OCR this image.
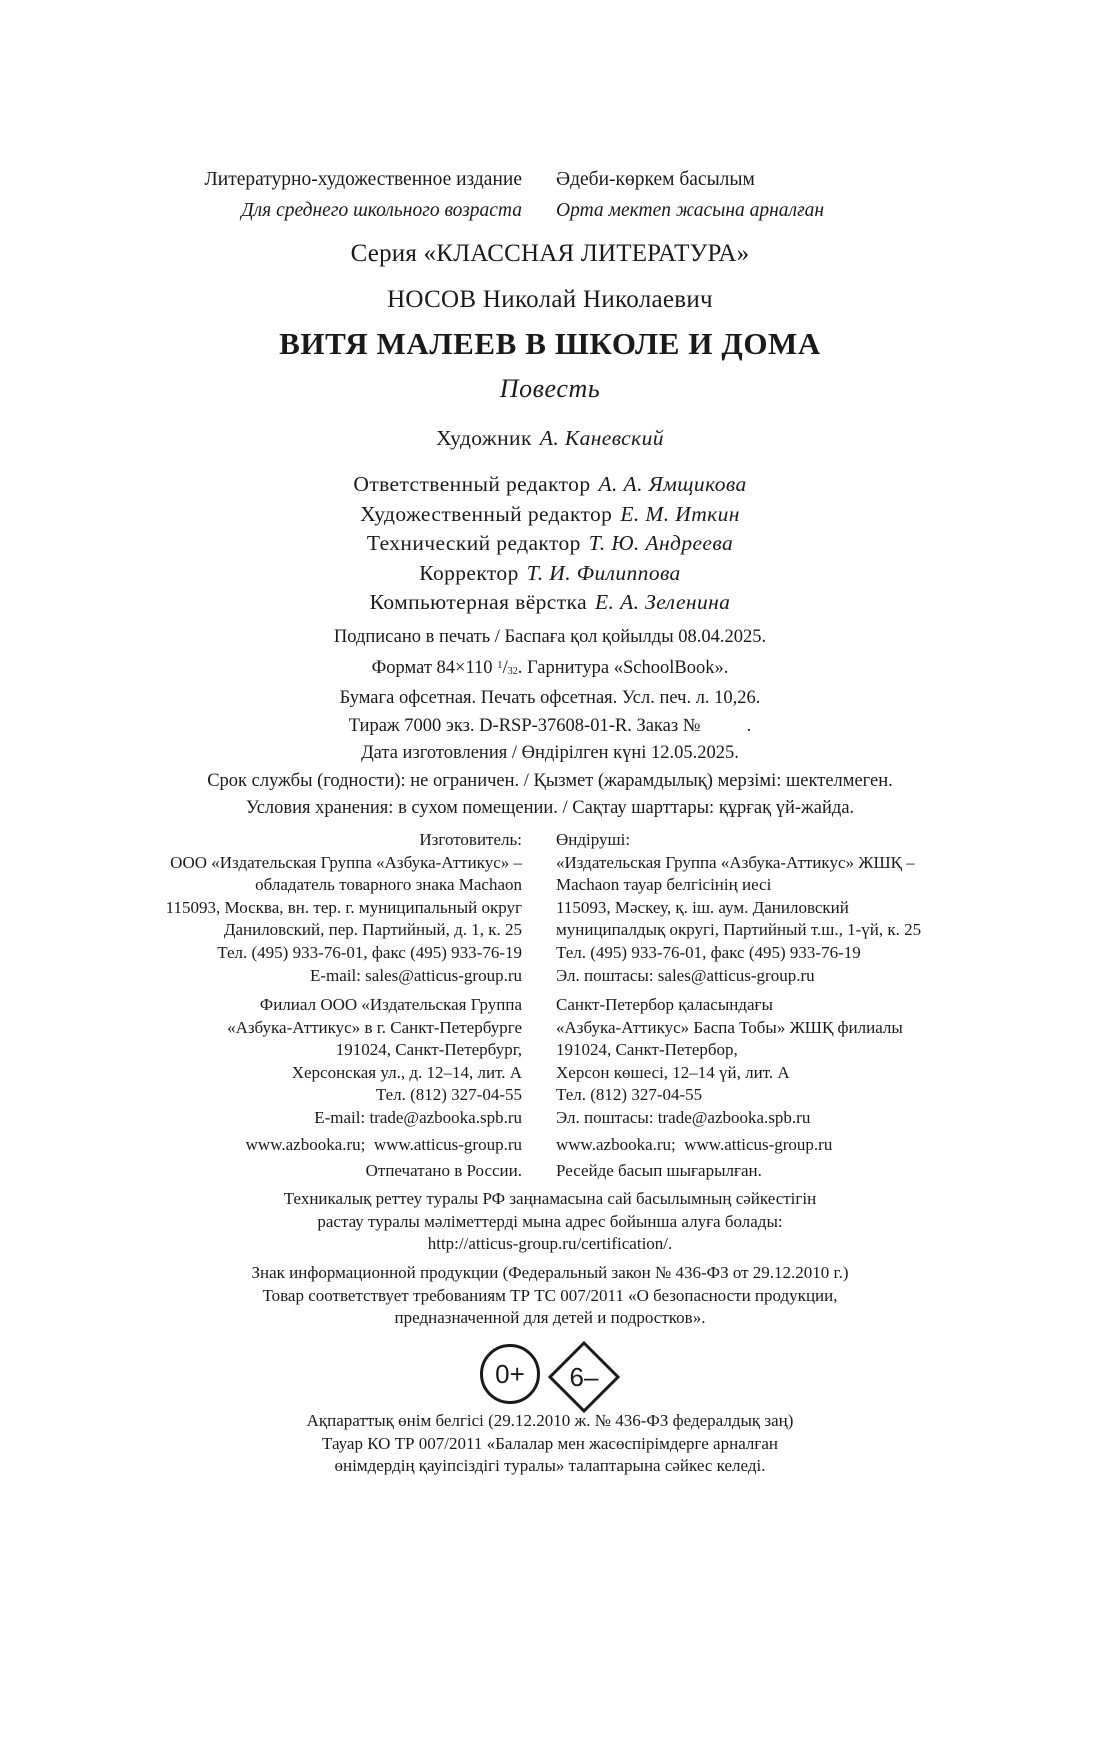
Литературно-художественное издание
Для среднего школьного возраста
Әдеби-көркем басылым
Орта мектеп жасына арналған
Серия «КЛАССНАЯ ЛИТЕРАТУРА»
НОСОВ Николай Николаевич
ВИТЯ МАЛЕЕВ В ШКОЛЕ И ДОМА
Повесть
Художник А. Каневский
Ответственный редактор А. А. Ямщикова
Художественный редактор Е. М. Иткин
Технический редактор Т. Ю. Андреева
Корректор Т. И. Филиппова
Компьютерная вёрстка Е. А. Зеленина
Подписано в печать / Баспаға қол қойылды 08.04.2025.
Формат 84×110 $^1/_{32}$. Гарнитура «SchoolBook».
Бумага офсетная. Печать офсетная. Усл. печ. л. 10,26.
Тираж 7000 экз. D-RSP-37608-01-R. Заказ №          .
Дата изготовления / Өндірілген күні 12.05.2025.
Срок службы (годности): не ограничен. / Қызмет (жарамдылық) мерзімі: шектелмеген.
Условия хранения: в сухом помещении. / Сақтау шарттары: құрғақ үй-жайда.
Изготовитель:
ООО «Издательская Группа «Азбука-Аттикус» –
обладатель товарного знака Machaon
115093, Москва, вн. тер. г. муниципальный округ
Даниловский, пер. Партийный, д. 1, к. 25
Тел. (495) 933-76-01, факс (495) 933-76-19
E-mail: sales@atticus-group.ru
Өндіруші:
«Издательская Группа «Азбука-Аттикус» ЖШҚ –
Machaon тауар белгісінің иесі
115093, Мәскеу, қ. іш. аум. Даниловский
муниципалдық округі, Партийный т.ш., 1-үй, к. 25
Тел. (495) 933-76-01, факс (495) 933-76-19
Эл. поштасы: sales@atticus-group.ru
Филиал ООО «Издательская Группа
«Азбука-Аттикус» в г. Санкт-Петербурге
191024, Санкт-Петербург,
Херсонская ул., д. 12–14, лит. А
Тел. (812) 327-04-55
E-mail: trade@azbooka.spb.ru
www.azbooka.ru;  www.atticus-group.ru
Отпечатано в России.
Санкт-Петербор қаласындағы
«Азбука-Аттикус» Баспа Тобы» ЖШҚ филиалы
191024, Санкт-Петербор,
Херсон көшесі, 12–14 үй, лит. А
Тел. (812) 327-04-55
Эл. поштасы: trade@azbooka.spb.ru
www.azbooka.ru;  www.atticus-group.ru
Ресейде басып шығарылған.
Техникалық реттеу туралы РФ заңнамасына сай басылымның сәйкестігін
растау туралы мәліметтерді мына адрес бойынша алуға болады:
http://atticus-group.ru/certification/.
Знак информационной продукции (Федеральный закон № 436-ФЗ от 29.12.2010 г.)
Товар соответствует требованиям ТР ТС 007/2011 «О безопасности продукции,
предназначенной для детей и подростков».
0+	6–
Ақпараттық өнім белгісі (29.12.2010 ж. № 436-ФЗ федералдық заң)
Тауар КО ТР 007/2011 «Балалар мен жасөспірімдерге арналған
өнімдердің қауіпсіздігі туралы» талаптарына сәйкес келеді.
